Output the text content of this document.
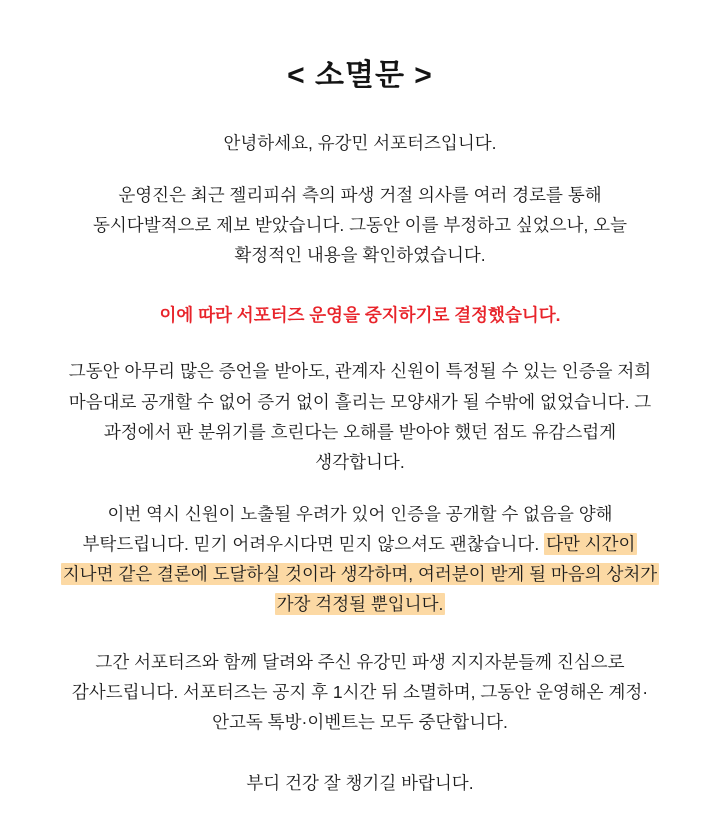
< 소멸문 >

안녕하세요, 유강민 서포터즈입니다.

운영진은 최근 젤리피쉬 측의 파생 거절 의사를 여러 경로를 통해 동시다발적으로 제보 받았습니다. 그동안 이를 부정하고 싶었으나, 오늘 확정적인 내용을 확인하였습니다.

이에 따라 서포터즈 운영을 중지하기로 결정했습니다.

그동안 아무리 많은 증언을 받아도, 관계자 신원이 특정될 수 있는 인증을 저희 마음대로 공개할 수 없어 증거 없이 흘리는 모양새가 될 수밖에 없었습니다. 그 과정에서 판 분위기를 흐린다는 오해를 받아야 했던 점도 유감스럽게 생각합니다.

이번 역시 신원이 노출될 우려가 있어 인증을 공개할 수 없음을 양해 부탁드립니다. 믿기 어려우시다면 믿지 않으셔도 괜찮습니다. 다만 시간이 지나면 같은 결론에 도달하실 것이라 생각하며, 여러분이 받게 될 마음의 상처가 가장 걱정될 뿐입니다.

그간 서포터즈와 함께 달려와 주신 유강민 파생 지지자분들께 진심으로 감사드립니다. 서포터즈는 공지 후 1시간 뒤 소멸하며, 그동안 운영해온 계정·안고독 톡방·이벤트는 모두 중단합니다.

부디 건강 잘 챙기길 바랍니다.
